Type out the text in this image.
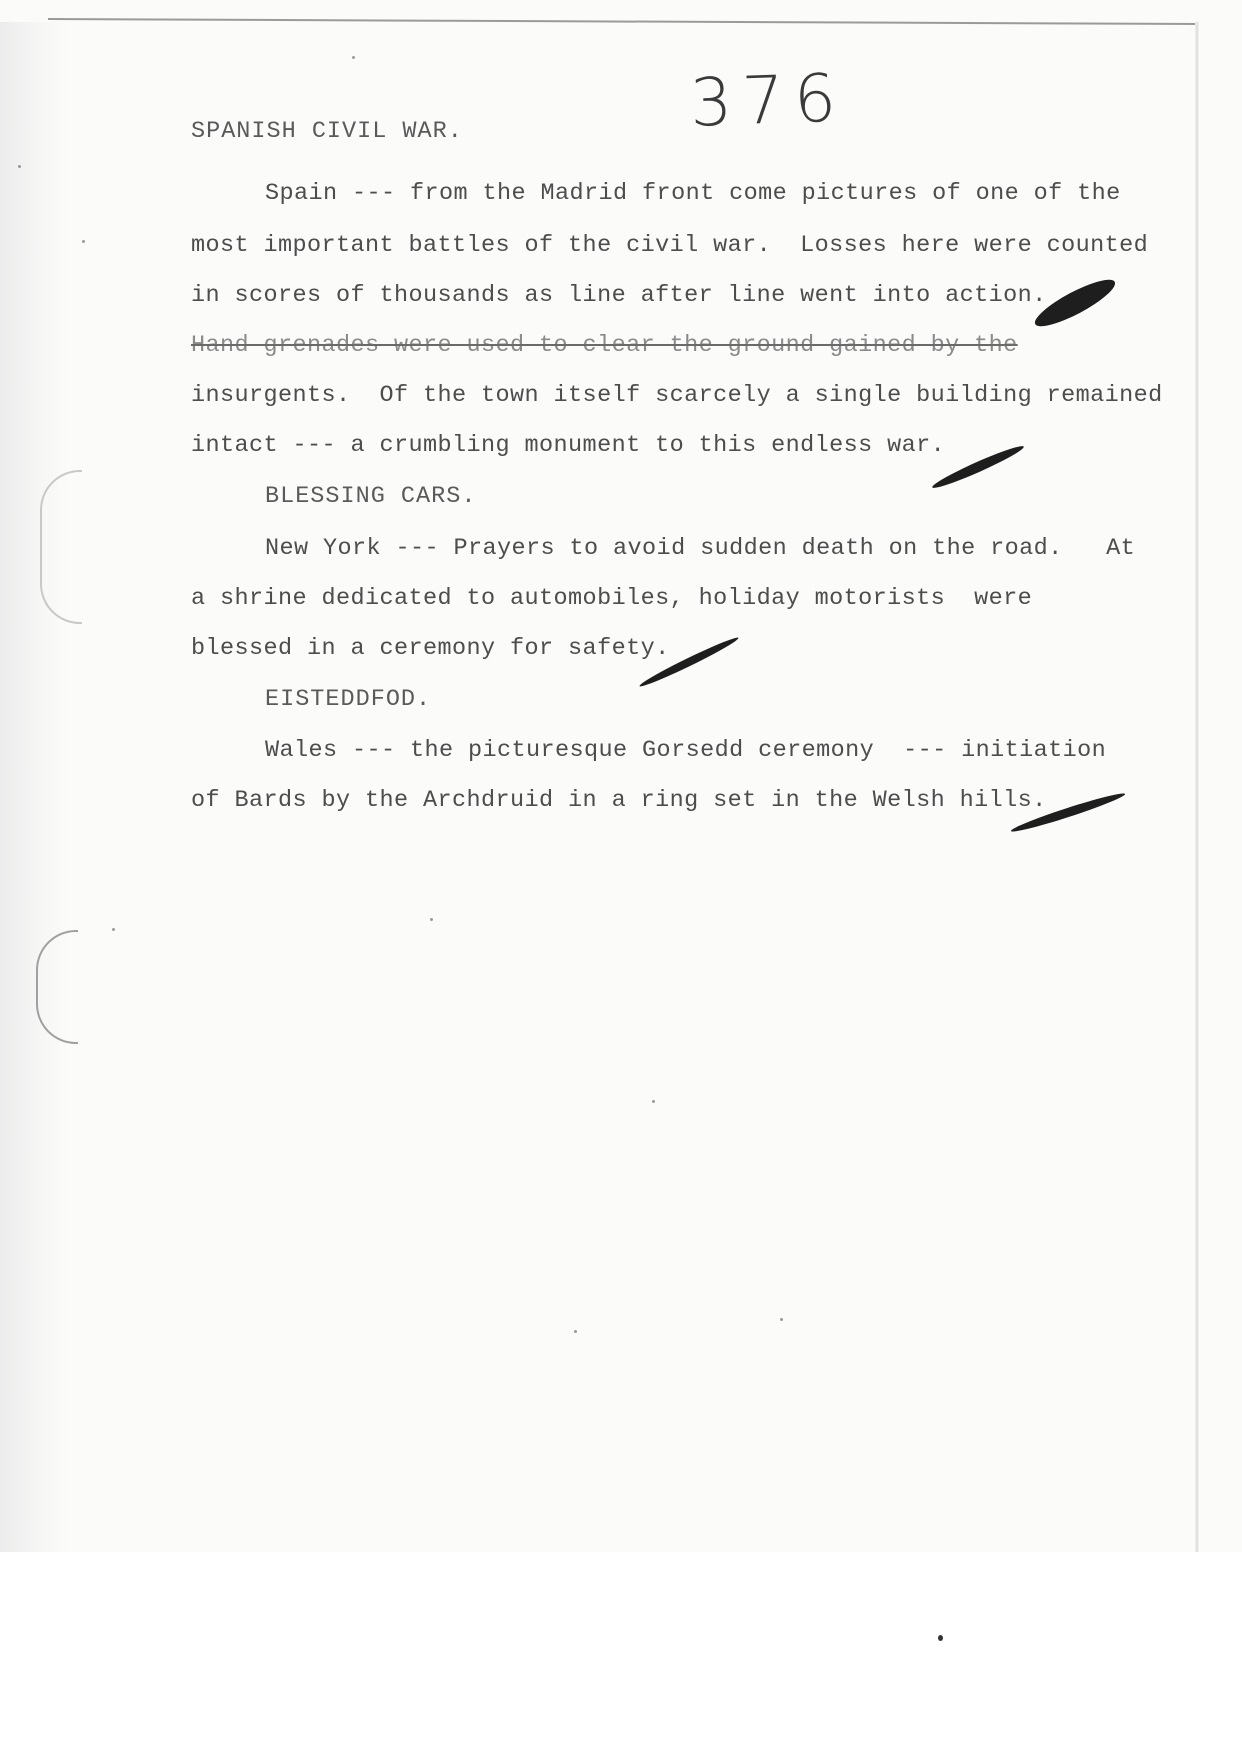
376
SPANISH CIVIL WAR.
Spain --- from the Madrid front come pictures of one of the
most important battles of the civil war.  Losses here were counted
in scores of thousands as line after line went into action.
Hand grenades were used to clear the ground gained by the
insurgents.  Of the town itself scarcely a single building remained
intact --- a crumbling monument to this endless war.
BLESSING CARS.
New York --- Prayers to avoid sudden death on the road.   At
a shrine dedicated to automobiles, holiday motorists  were
blessed in a ceremony for safety.
EISTEDDFOD.
Wales --- the picturesque Gorsedd ceremony  --- initiation
of Bards by the Archdruid in a ring set in the Welsh hills.
